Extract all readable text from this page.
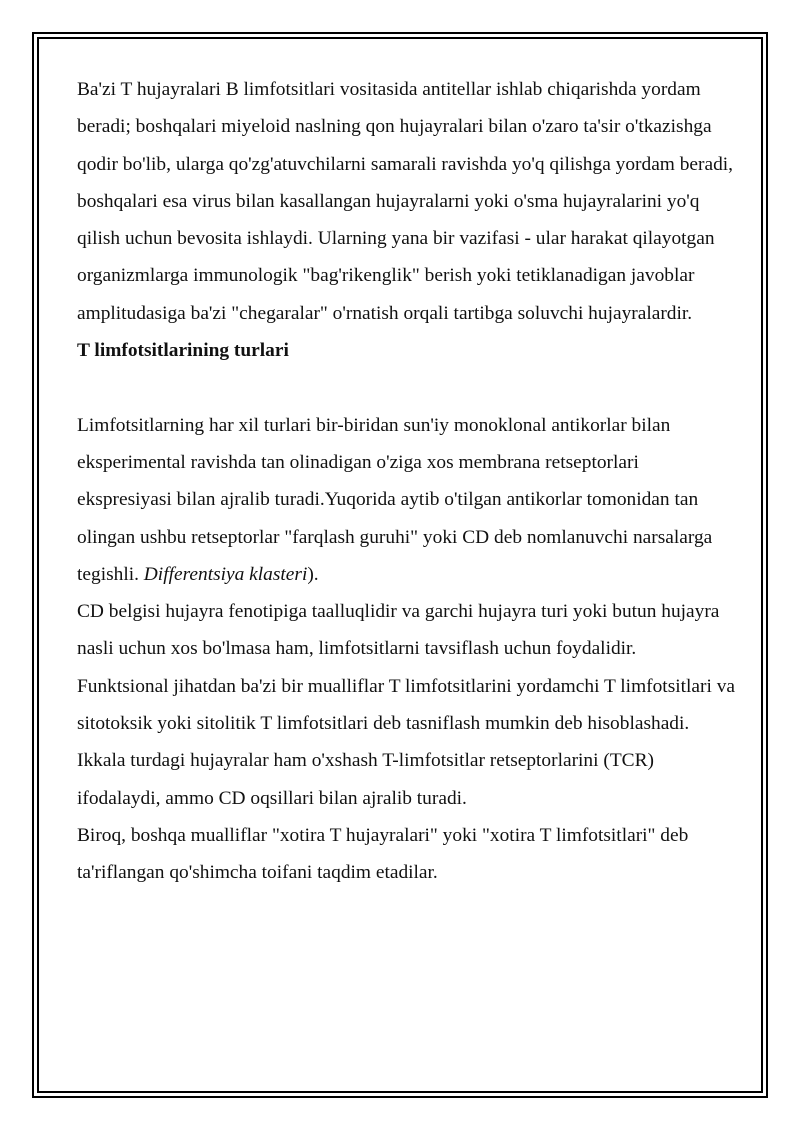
Ba'zi T hujayralari B limfotsitlari vositasida antitellar ishlab chiqarishda yordam beradi; boshqalari miyeloid naslning qon hujayralari bilan o'zaro ta'sir o'tkazishga qodir bo'lib, ularga qo'zg'atuvchilarni samarali ravishda yo'q qilishga yordam beradi, boshqalari esa virus bilan kasallangan hujayralarni yoki o'sma hujayralarini yo'q qilish uchun bevosita ishlaydi. Ularning yana bir vazifasi - ular harakat qilayotgan organizmlarga immunologik "bag'rikenglik" berish yoki tetiklanadigan javoblar amplitudasiga ba'zi "chegaralar" o'rnatish orqali tartibga soluvchi hujayralardir.

T limfotsitlarining turlari

Limfotsitlarning har xil turlari bir-biridan sun'iy monoklonal antikorlar bilan eksperimental ravishda tan olinadigan o'ziga xos membrana retseptorlari ekspresiyasi bilan ajralib turadi.Yuqorida aytib o'tilgan antikorlar tomonidan tan olingan ushbu retseptorlar "farqlash guruhi" yoki CD deb nomlanuvchi narsalarga tegishli. Differentsiya klasteri).

CD belgisi hujayra fenotipiga taalluqlidir va garchi hujayra turi yoki butun hujayra nasli uchun xos bo'lmasa ham, limfotsitlarni tavsiflash uchun foydalidir.

Funktsional jihatdan ba'zi bir mualliflar T limfotsitlarini yordamchi T limfotsitlari va sitotoksik yoki sitolitik T limfotsitlari deb tasniflash mumkin deb hisoblashadi. Ikkala turdagi hujayralar ham o'xshash T-limfotsitlar retseptorlarini (TCR) ifodalaydi, ammo CD oqsillari bilan ajralib turadi.

Biroq, boshqa mualliflar "xotira T hujayralari" yoki "xotira T limfotsitlari" deb ta'riflangan qo'shimcha toifani taqdim etadilar.
